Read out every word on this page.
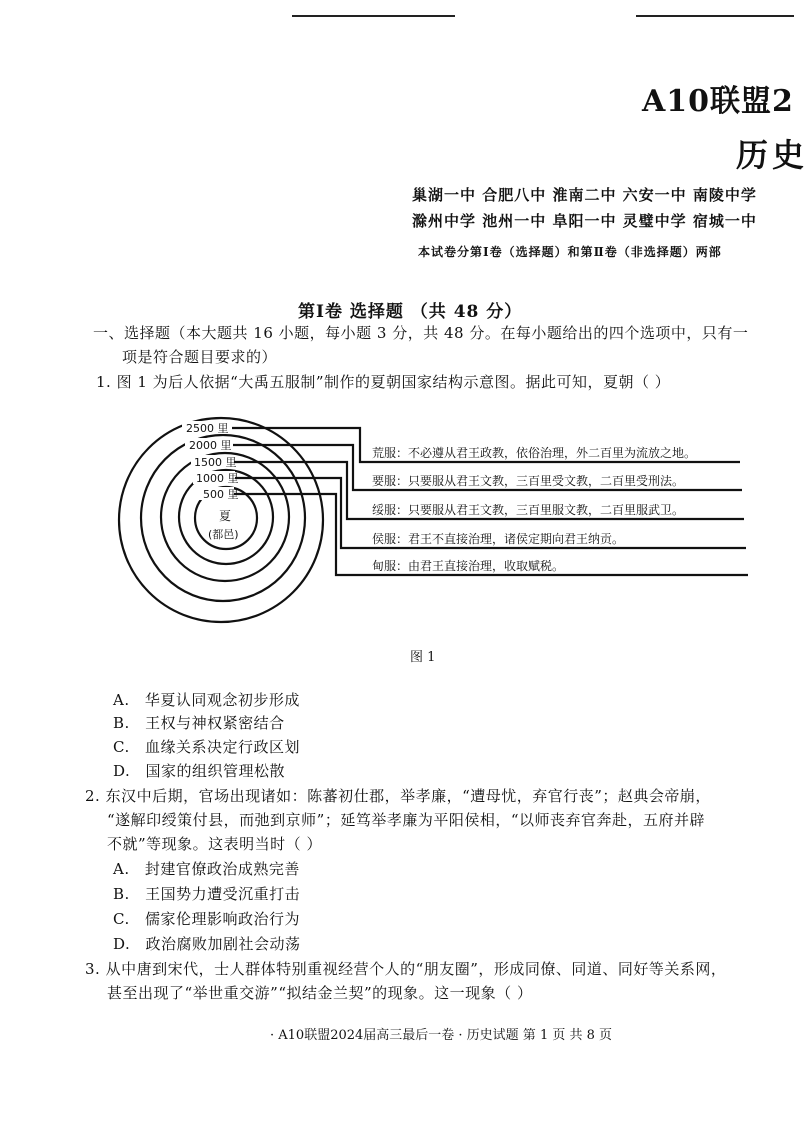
A10联盟2
历史
巢湖一中 合肥八中 淮南二中 六安一中 南陵中学
滁州中学 池州一中 阜阳一中 灵璧中学 宿城一中
本试卷分第Ⅰ卷（选择题）和第Ⅱ卷（非选择题）两部
第Ⅰ卷 选择题 （共 48 分）
一、选择题（本大题共 16 小题，每小题 3 分，共 48 分。在每小题给出的四个选项中，只有一
项是符合题目要求的）
1. 图 1 为后人依据“大禹五服制”制作的夏朝国家结构示意图。据此可知，夏朝（ ）
2500 里
2000 里
1500 里
1000 里
500 里
夏
(都邑)
荒服：不必遵从君王政教，依俗治理，外二百里为流放之地。
要服：只要服从君王文教，三百里受文教，二百里受刑法。
绥服：只要服从君王文教，三百里服文教，二百里服武卫。
侯服：君王不直接治理，诸侯定期向君王纳贡。
甸服：由君王直接治理，收取赋税。
图 1
A. 华夏认同观念初步形成
B. 王权与神权紧密结合
C. 血缘关系决定行政区划
D. 国家的组织管理松散
2. 东汉中后期，官场出现诸如：陈蕃初仕郡，举孝廉，“遭母忧，弃官行丧”；赵典会帝崩，
“遂解印绶策付县，而弛到京师”；延笃举孝廉为平阳侯相，“以师丧弃官奔赴，五府并辟
不就”等现象。这表明当时（ ）
A. 封建官僚政治成熟完善
B. 王国势力遭受沉重打击
C. 儒家伦理影响政治行为
D. 政治腐败加剧社会动荡
3. 从中唐到宋代，士人群体特别重视经营个人的“朋友圈”，形成同僚、同道、同好等关系网，
甚至出现了“举世重交游”“拟结金兰契”的现象。这一现象（ ）
· A10联盟2024届高三最后一卷 · 历史试题 第 1 页 共 8 页
